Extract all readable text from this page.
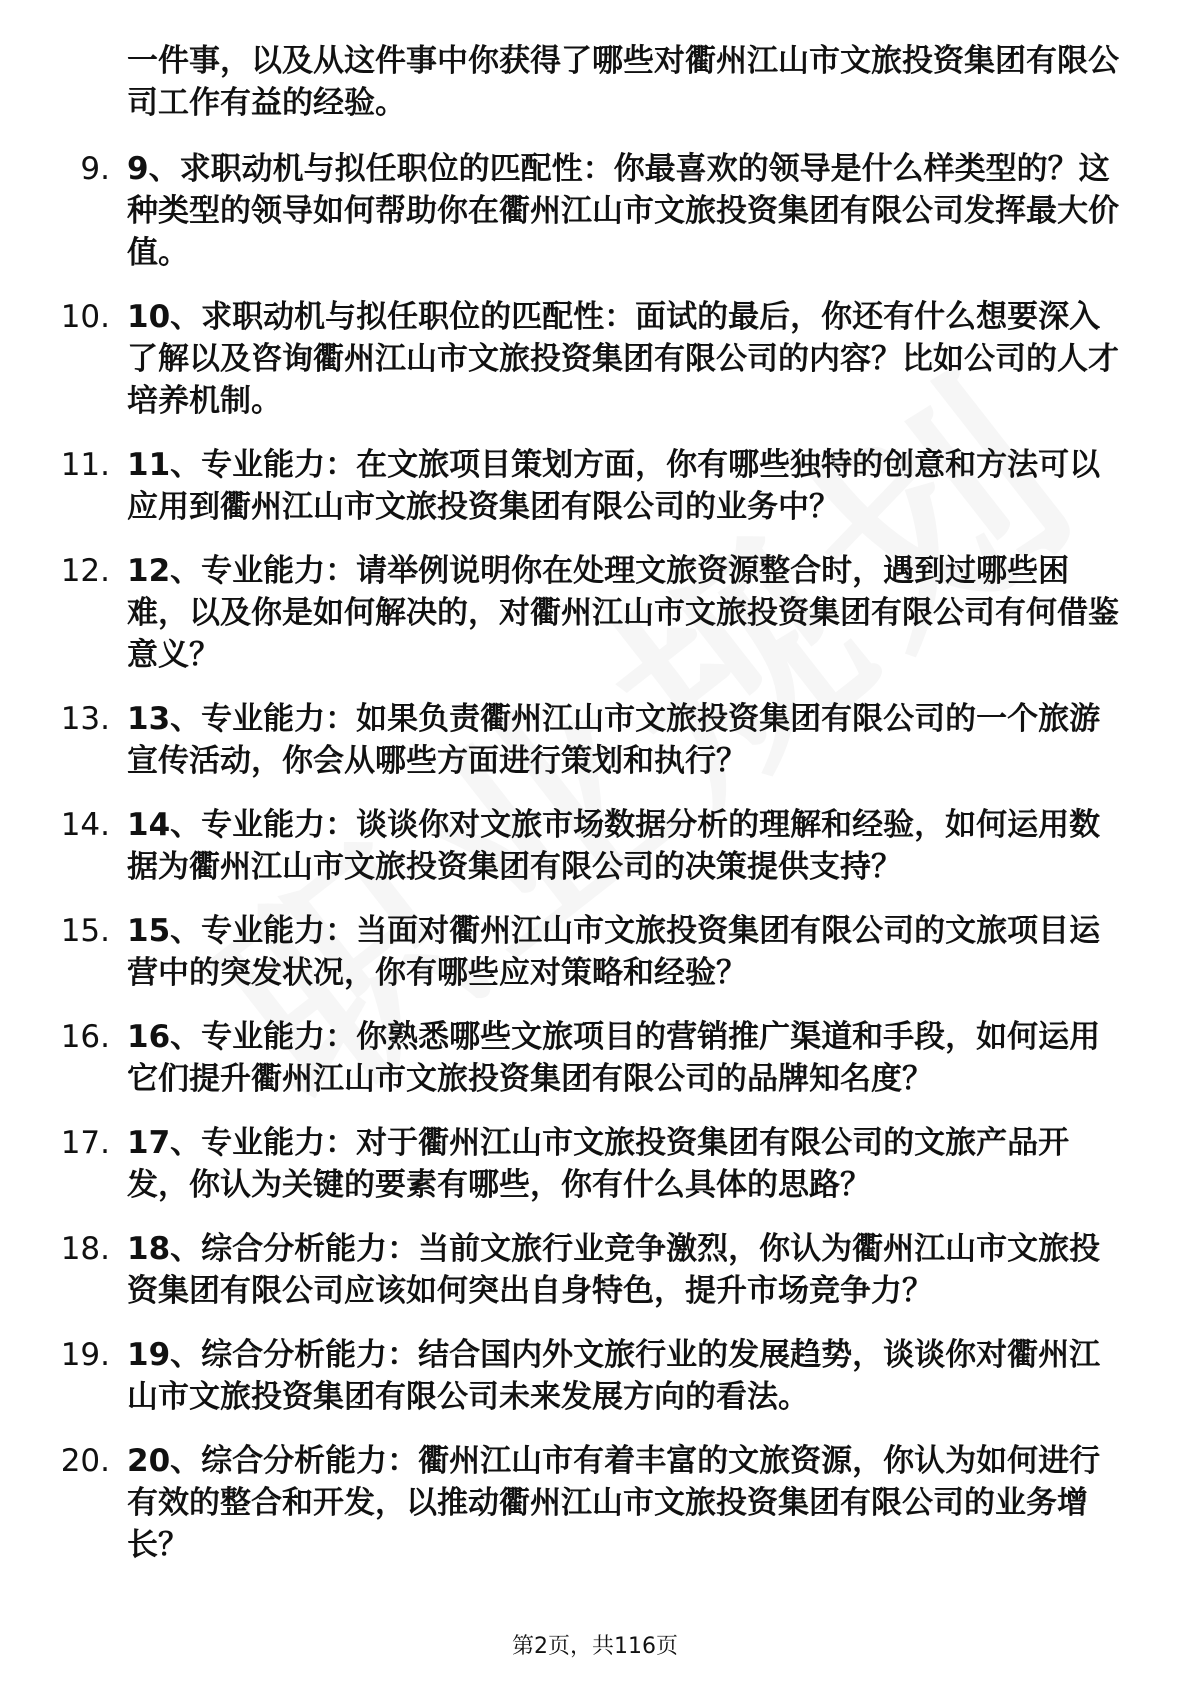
一件事，以及从这件事中你获得了哪些对衢州江山市文旅投资集团有限公司工作有益的经验。
9. 9、求职动机与拟任职位的匹配性：你最喜欢的领导是什么样类型的？这种类型的领导如何帮助你在衢州江山市文旅投资集团有限公司发挥最大价值。
10. 10、求职动机与拟任职位的匹配性：面试的最后，你还有什么想要深入了解以及咨询衢州江山市文旅投资集团有限公司的内容？比如公司的人才培养机制。
11. 11、专业能力：在文旅项目策划方面，你有哪些独特的创意和方法可以应用到衢州江山市文旅投资集团有限公司的业务中？
12. 12、专业能力：请举例说明你在处理文旅资源整合时，遇到过哪些困难，以及你是如何解决的，对衢州江山市文旅投资集团有限公司有何借鉴意义？
13. 13、专业能力：如果负责衢州江山市文旅投资集团有限公司的一个旅游宣传活动，你会从哪些方面进行策划和执行？
14. 14、专业能力：谈谈你对文旅市场数据分析的理解和经验，如何运用数据为衢州江山市文旅投资集团有限公司的决策提供支持？
15. 15、专业能力：当面对衢州江山市文旅投资集团有限公司的文旅项目运营中的突发状况，你有哪些应对策略和经验？
16. 16、专业能力：你熟悉哪些文旅项目的营销推广渠道和手段，如何运用它们提升衢州江山市文旅投资集团有限公司的品牌知名度？
17. 17、专业能力：对于衢州江山市文旅投资集团有限公司的文旅产品开发，你认为关键的要素有哪些，你有什么具体的思路？
18. 18、综合分析能力：当前文旅行业竞争激烈，你认为衢州江山市文旅投资集团有限公司应该如何突出自身特色，提升市场竞争力？
19. 19、综合分析能力：结合国内外文旅行业的发展趋势，谈谈你对衢州江山市文旅投资集团有限公司未来发展方向的看法。
20. 20、综合分析能力：衢州江山市有着丰富的文旅资源，你认为如何进行有效的整合和开发，以推动衢州江山市文旅投资集团有限公司的业务增长？
第2页，共116页
